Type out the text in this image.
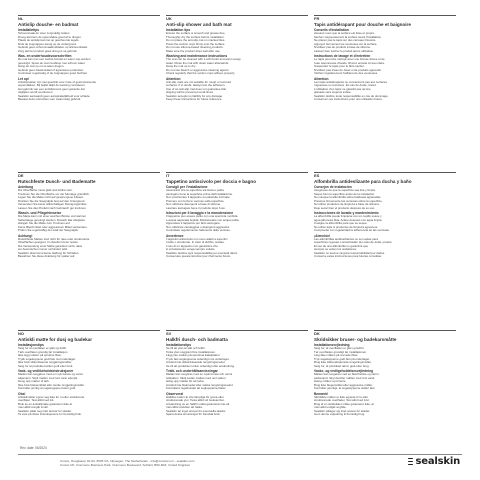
NL
Antislip douche- en badmat
Installatietips
Schoonmaak de vloer zorgvuldig maken.
Droog alvorens de oppervlakte goed af te drogen.
Plaats de antislipmat niet op gescheurde tegels.
Druk de zuignappen stevig op de ondergrond.
Gebruik geen schoonmaakmiddelen op siliconenbasis.
Zorg dat het product goed droog is na gebruik.
Was- en onderhoudsvoorschriften
De mat kan met een zachte borstel en warm sop worden
gereinigd. Spoel de mat na afloop met schoon water.
Hang de mat op om te laten drogen.
Gebruik geen bleekmiddel of agressieve producten.
Controleer regelmatig of de zuignappen goed hechten.
Let op!
Antislipmatten zijn niet geschikt voor ruwe of gestructureerde
oppervlakken. Bij twijfel altijd de werking controleren.
Het gebruik van een antislipmat is geen garantie dat
uitglijden wordt voorkomen.
Sealskin aanvaardt geen aansprakelijkheid voor schade.
Bewaar deze instructies voor toekomstig gebruik.
UK
Anti-slip shower and bath mat
Installation tips
Ensure the surface is smooth and grease-free.
Thoroughly dry the surface before installation.
Do not place the anti-slip mat on cracked tiles.
Press the suction cups firmly onto the surface.
Do not use silicone-based cleaning products.
Make sure the product dries well after use.
Washing and maintenance instructions
The mat can be cleaned with a soft brush and warm soapy
water. Rinse the mat with clean water afterwards.
Hang the mat up to dry.
Do not use bleach or aggressive cleaning agents.
Check regularly that the suction cups adhere properly.
Attention
Anti-slip mats are not suitable for rough or textured
surfaces. If in doubt, always test the adhesion.
Use of an anti-slip mat does not guarantee that
slipping will be prevented at all times.
Sealskin accepts no liability for any damage.
Keep these instructions for future reference.
FR
Tapis antidérapant pour douche et baignoire
Conseils d'installation
Assurez-vous que la surface est lisse et propre.
Séchez soigneusement la surface avant l'installation.
Ne placez pas le tapis sur des carreaux fissurés.
Appuyez fermement les ventouses sur la surface.
N'utilisez pas de produits à base de silicone.
Laissez bien sécher le produit après utilisation.
Instructions de lavage et d'entretien
Le tapis peut être nettoyé avec une brosse douce et de
l'eau savonneuse chaude. Rincez ensuite à l'eau claire.
Suspendez le tapis pour le faire sécher.
N'utilisez pas d'eau de Javel ni de produits agressifs.
Vérifiez régulièrement l'adhérence des ventouses.
Attention
Les tapis antidérapants ne conviennent pas aux surfaces
rugueuses ou texturées. En cas de doute, testez.
L'utilisation d'un tapis ne garantit pas qu'une
glissade sera toujours évitée.
Sealskin décline toute responsabilité en cas de dommage.
Conservez ces instructions pour une utilisation future.
DE
Rutschfeste Dusch- und Badematte
Anleitung
Die Oberfläche muss glatt und fettfrei sein.
Trocknen Sie die Oberfläche vor der Montage gründlich.
Legen Sie die Matte nicht auf gesprungene Fliesen.
Drücken Sie die Saugnäpfe fest auf den Untergrund.
Verwenden Sie keine silikonhaltigen Reinigungsmittel.
Lassen Sie das Produkt nach Gebrauch gut trocknen.
Wasch- und Pflegehinweise
Die Matte kann mit einer weichen Bürste und warmer
Seifenlauge gereinigt werden. Danach klar abspülen.
Hängen Sie die Matte zum Trocknen auf.
Keine Bleichmittel oder aggressiven Mittel verwenden.
Prüfen Sie regelmäßig den Halt der Saugnäpfe.
Achtung!
Rutschfeste Matten sind nicht für raue oder strukturierte
Oberflächen geeignet. Im Zweifel immer testen.
Die Verwendung einer Matte garantiert nicht, dass
ein Ausrutschen immer verhindert wird.
Sealskin übernimmt keine Haftung für Schäden.
Bewahren Sie diese Anleitung für später auf.
IT
Tappetino antiscivolo per doccia e bagno
Consigli per l'installazione
Assicurarsi che la superficie sia liscia e pulita.
Asciugare bene la superficie prima dell'installazione.
Non posizionare il tappetino su piastrelle incrinate.
Premere con forza le ventose sulla superficie.
Non utilizzare detergenti a base di silicone.
Lasciare asciugare bene il prodotto dopo l'uso.
Istruzioni per il lavaggio e la manutenzione
Il tappetino può essere pulito con una spazzola morbida
e acqua saponata tiepida. Risciacquare con acqua pulita.
Appendere il tappetino per farlo asciugare.
Non utilizzare candeggina o detergenti aggressivi.
Controllare regolarmente l'aderenza delle ventose.
Avvertenze
I tappetini antiscivolo non sono adatti a superfici
ruvide o strutturate. In caso di dubbio, testare.
L'uso di un tappetino non garantisce che
lo scivolamento venga sempre evitato.
Sealskin declina ogni responsabilità per eventuali danni.
Conservare queste istruzioni per riferimento futuro.
ES
Alfombrilla antideslizante para ducha y baño
Consejos de instalación
Asegúrese de que la superficie sea lisa y limpia.
Seque bien la superficie antes de la instalación.
No coloque la alfombrilla sobre baldosas agrietadas.
Presione firmemente las ventosas sobre la superficie.
No utilice productos de limpieza a base de silicona.
Deje secar bien el producto después de su uso.
Instrucciones de lavado y mantenimiento
La alfombrilla puede limpiarse con un cepillo suave y
agua jabonosa tibia. Aclare después con agua limpia.
Cuelgue la alfombrilla para que se seque.
No utilice lejía ni productos de limpieza agresivos.
Compruebe con regularidad la adherencia de las ventosas.
¡Atención!
Las alfombrillas antideslizantes no son aptas para
superficies rugosas o texturizadas. En caso de duda, pruebe.
El uso de una alfombrilla no garantiza que
siempre se eviten los resbalones.
Sealskin no asume ninguna responsabilidad por daños.
Conserve estas instrucciones para futuras consultas.
NO
Antiskli matte for dusj og badekar
Installasjonstips
Sørg for at overflaten er glatt og fettfri.
Tørk overflaten grundig før installasjon.
Ikke legg matten på sprukne fliser.
Trykk sugekoppene godt fast mot underlaget.
Ikke bruk silikonbaserte rengjøringsmidler.
Sørg for at produktet tørker godt etter bruk.
Vask- og vedlikeholdsinstruksjoner
Matten kan rengjøres med en myk børste og varmt
såpevann. Skyll matten med rent vann etterpå.
Heng opp matten til tørk.
Ikke bruk blekemiddel eller sterke rengjøringsmidler.
Kontroller jevnlig at sugekoppene fester godt.
Obs!
Antisklimatter egner seg ikke for ru eller strukturerte
overflater. Test alltid ved tvil.
Bruk av en antisklimatte garanterer ikke at
man alltid unngår å skli.
Sealskin påtar seg intet ansvar for skader.
Ta vare på disse instruksjonene for fremtidig bruk.
SV
Halkfri dusch- och badmatta
Installationstips
Se till att ytan är slät och fettfri.
Torka ytan noggrant före installationen.
Lägg inte mattan på spruckna kakelplattor.
Tryck fast sugkopparna ordentligt mot underlaget.
Använd inte silikonbaserade rengöringsmedel.
Se till att produkten torkar ordentligt efter användning.
Tvätt- och underhållsanvisningar
Mattan kan rengöras med en mjuk borste och varmt
tvålvatten. Skölj sedan mattan med rent vatten.
Häng upp mattan för att torka.
Använd inte blekmedel eller starka rengöringsmedel.
Kontrollera regelbundet att sugkopparna fäster.
Observera!
Halkfria mattor är inte lämpliga för grova eller
strukturerade ytor. Testa alltid vid tveksamhet.
Användning av en halkfri matta garanterar inte att
man alltid undviker att halka.
Sealskin tar inget ansvar för eventuella skador.
Spara dessa anvisningar för framtida bruk.
DK
Skridsikker bruser- og badekarsmåtte
Installationsvejledning
Sørg for, at overfladen er glat og fedtfri.
Tør overfladen grundigt før installationen.
Læg ikke måtten på revnede fliser.
Tryk sugekopperne godt fast på underlaget.
Brug ikke silikonebaserede rengøringsmidler.
Sørg for, at produktet tørrer godt efter brug.
Vaske- og vedligeholdelsesvejledning
Måtten kan rengøres med en blød børste og varmt
sæbevand. Skyl derefter måtten med rent vand.
Hæng måtten op til tørre.
Brug ikke blegemiddel eller aggressive midler.
Kontroller jævnligt, at sugekopperne sidder fast.
Bemærk!
Skridsikre måtter er ikke egnede til ru eller
strukturerede overflader. Test altid ved tvivl.
Brug af en skridsikker måtte garanterer ikke, at
man altid undgår at glide.
Sealskin påtager sig intet ansvar for skader.
Gem denne vejledning til fremtidig brug.
Rev. date: 06/2024
Coram, Hoogkamp 91-93, 6545 CA, Nijmegen, The Netherlands - info@coramco.nl - sealskin.com
Coram UK, Cranmore Business Park, Cranmore Boulevard, Solihull, B90 4RZ, United Kingdom	sealskin
